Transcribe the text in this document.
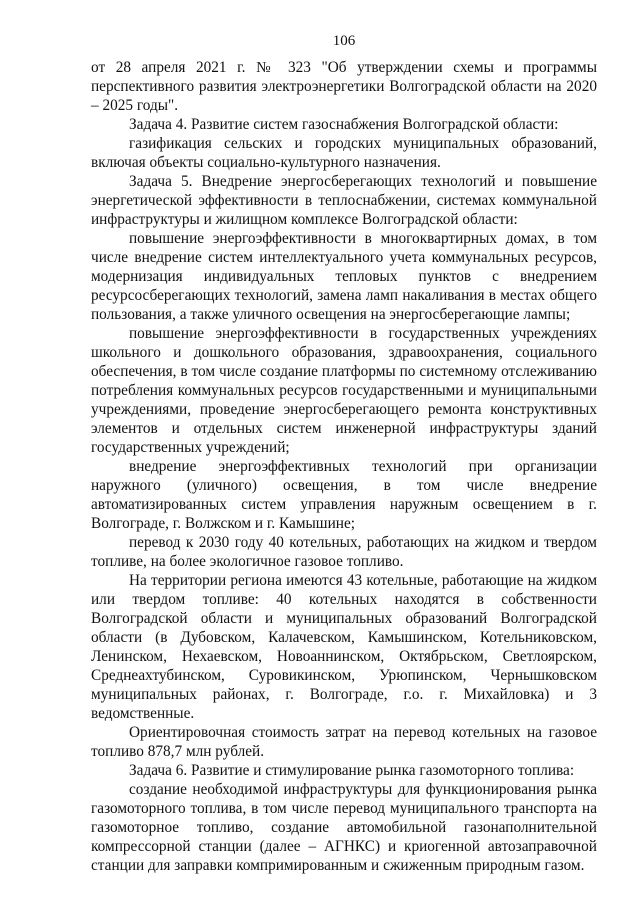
106

от 28 апреля 2021 г. № 323 "Об утверждении схемы и программы перспективного развития электроэнергетики Волгоградской области на 2020 – 2025 годы".

Задача 4. Развитие систем газоснабжения Волгоградской области:

газификация сельских и городских муниципальных образований, включая объекты социально-культурного назначения.

Задача 5. Внедрение энергосберегающих технологий и повышение энергетической эффективности в теплоснабжении, системах коммунальной инфраструктуры и жилищном комплексе Волгоградской области:

повышение энергоэффективности в многоквартирных домах, в том числе внедрение систем интеллектуального учета коммунальных ресурсов, модернизация индивидуальных тепловых пунктов с внедрением ресурсосберегающих технологий, замена ламп накаливания в местах общего пользования, а также уличного освещения на энергосберегающие лампы;

повышение энергоэффективности в государственных учреждениях школьного и дошкольного образования, здравоохранения, социального обеспечения, в том числе создание платформы по системному отслеживанию потребления коммунальных ресурсов государственными и муниципальными учреждениями, проведение энергосберегающего ремонта конструктивных элементов и отдельных систем инженерной инфраструктуры зданий государственных учреждений;

внедрение энергоэффективных технологий при организации наружного (уличного) освещения, в том числе внедрение автоматизированных систем управления наружным освещением в г. Волгограде, г. Волжском и г. Камышине;

перевод к 2030 году 40 котельных, работающих на жидком и твердом топливе, на более экологичное газовое топливо.

На территории региона имеются 43 котельные, работающие на жидком или твердом топливе: 40 котельных находятся в собственности Волгоградской области и муниципальных образований Волгоградской области (в Дубовском, Калачевском, Камышинском, Котельниковском, Ленинском, Нехаевском, Новоаннинском, Октябрьском, Светлоярском, Среднеахтубинском, Суровикинском, Урюпинском, Чернышковском муниципальных районах, г. Волгограде, г.о. г. Михайловка) и 3 ведомственные.

Ориентировочная стоимость затрат на перевод котельных на газовое топливо 878,7 млн рублей.

Задача 6. Развитие и стимулирование рынка газомоторного топлива:

создание необходимой инфраструктуры для функционирования рынка газомоторного топлива, в том числе перевод муниципального транспорта на газомоторное топливо, создание автомобильной газонаполнительной компрессорной станции (далее – АГНКС) и криогенной автозаправочной станции для заправки компримированным и сжиженным природным газом.
